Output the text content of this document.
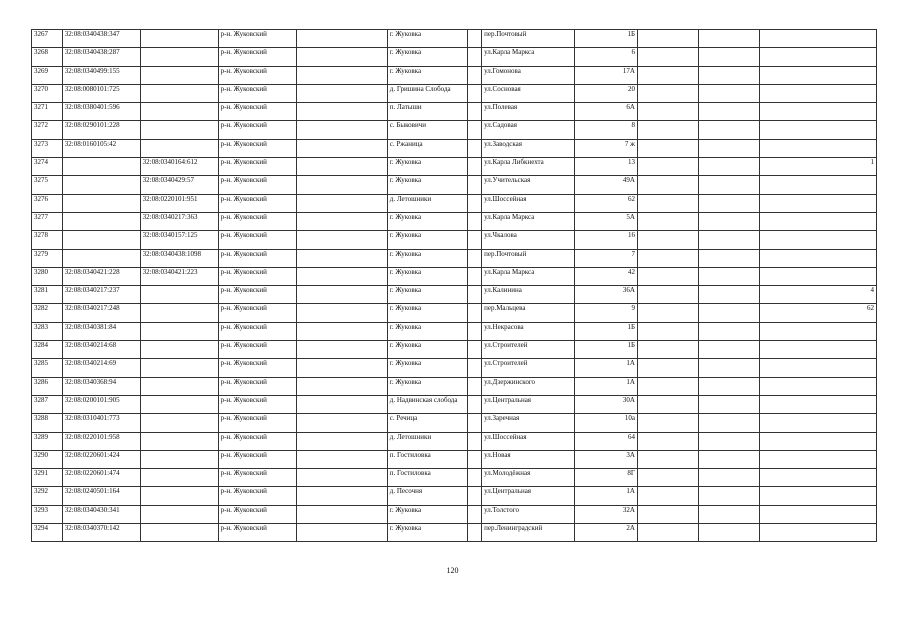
3267	32:08:0340438:347		р-н. Жуковский		г. Жуковка		пер.Почтовый	1Б			
3268	32:08:0340438:287		р-н. Жуковский		г. Жуковка		ул.Карла Маркса	6			
3269	32:08:0340499:155		р-н. Жуковский		г. Жуковка		ул.Гомонова	17А			
3270	32:08:0080101:725		р-н. Жуковский		д. Гришина Слобода		ул.Сосновая	20			
3271	32:08:0380401:596		р-н. Жуковский		п. Латыши		ул.Полевая	6А			
3272	32:08:0290101:228		р-н. Жуковский		с. Быковичи		ул.Садовая	8			
3273	32:08:0160105:42		р-н. Жуковский		с. Ржаница		ул.Заводская	7 ж			
3274		32:08:0340164:612	р-н. Жуковский		г. Жуковка		ул.Карла Либкнехта	13			1
3275		32:08:0340429:57	р-н. Жуковский		г. Жуковка		ул.Учительская	49А			
3276		32:08:0220101:951	р-н. Жуковский		д. Летошники		ул.Шоссейная	62			
3277		32:08:0340217:363	р-н. Жуковский		г. Жуковка		ул.Карла Маркса	5А			
3278		32:08:0340157:125	р-н. Жуковский		г. Жуковка		ул.Чкалова	16			
3279		32:08:0340438:1098	р-н. Жуковский		г. Жуковка		пер.Почтовый	7			
3280	32:08:0340421:228	32:08:0340421:223	р-н. Жуковский		г. Жуковка		ул.Карла Маркса	42			
3281	32:08:0340217:237		р-н. Жуковский		г. Жуковка		ул.Калинина	36А			4
3282	32:08:0340217:248		р-н. Жуковский		г. Жуковка		пер.Мальцева	9			62
3283	32:08:0340381:84		р-н. Жуковский		г. Жуковка		ул.Некрасова	1Б			
3284	32:08:0340214:68		р-н. Жуковский		г. Жуковка		ул.Строителей	1Б			
3285	32:08:0340214:69		р-н. Жуковский		г. Жуковка		ул.Строителей	1А			
3286	32:08:0340368:94		р-н. Жуковский		г. Жуковка		ул.Дзержинского	1А			
3287	32:08:0200101:905		р-н. Жуковский		д. Надвинская слобода		ул.Центральная	30А			
3288	32:08:0310401:773		р-н. Жуковский		с. Речица		ул.Заречная	10а			
3289	32:08:0220101:958		р-н. Жуковский		д. Летошники		ул.Шоссейная	64			
3290	32:08:0220601:424		р-н. Жуковский		п. Гостиловка		ул.Новая	3А			
3291	32:08:0220601:474		р-н. Жуковский		п. Гостиловка		ул.Молодёжная	8Г			
3292	32:08:0240501:164		р-н. Жуковский		д. Песочня		ул.Центральная	1А			
3293	32:08:0340430:341		р-н. Жуковский		г. Жуковка		ул.Толстого	32А			
3294	32:08:0340370:142		р-н. Жуковский		г. Жуковка		пер.Ленинградский	2А			
120
